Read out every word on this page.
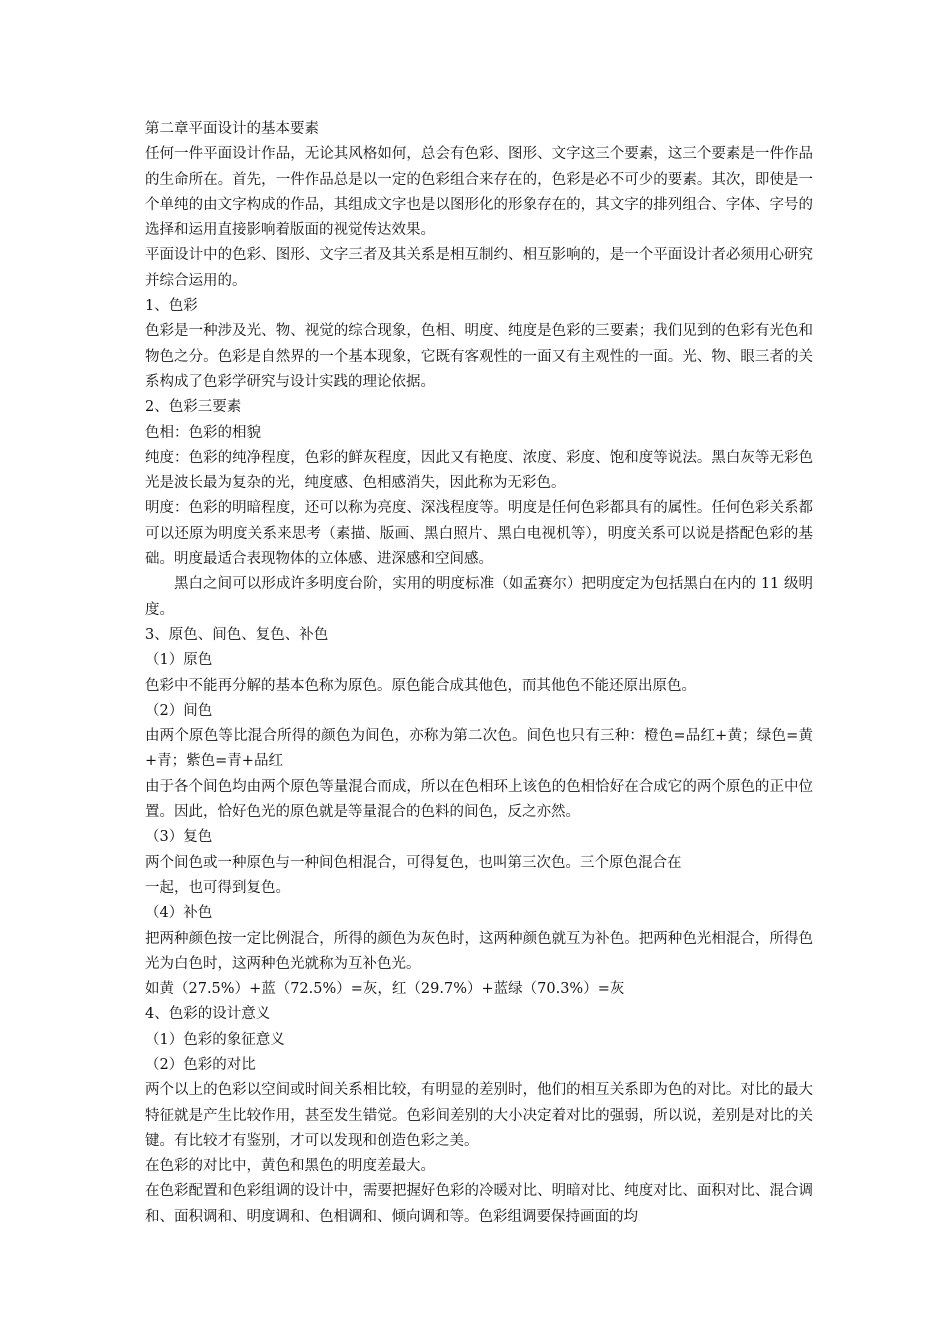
第二章平面设计的基本要素

任何一件平面设计作品，无论其风格如何，总会有色彩、图形、文字这三个要素，这三个要素是一件作品的生命所在。首先，一件作品总是以一定的色彩组合来存在的，色彩是必不可少的要素。其次，即使是一个单纯的由文字构成的作品，其组成文字也是以图形化的形象存在的，其文字的排列组合、字体、字号的选择和运用直接影响着版面的视觉传达效果。

平面设计中的色彩、图形、文字三者及其关系是相互制约、相互影响的，是一个平面设计者必须用心研究并综合运用的。

1、色彩

色彩是一种涉及光、物、视觉的综合现象，色相、明度、纯度是色彩的三要素；我们见到的色彩有光色和物色之分。色彩是自然界的一个基本现象，它既有客观性的一面又有主观性的一面。光、物、眼三者的关系构成了色彩学研究与设计实践的理论依据。

2、色彩三要素

色相：色彩的相貌

纯度：色彩的纯净程度，色彩的鲜灰程度，因此又有艳度、浓度、彩度、饱和度等说法。黑白灰等无彩色光是波长最为复杂的光，纯度感、色相感消失，因此称为无彩色。

明度：色彩的明暗程度，还可以称为亮度、深浅程度等。明度是任何色彩都具有的属性。任何色彩关系都可以还原为明度关系来思考（素描、版画、黑白照片、黑白电视机等），明度关系可以说是搭配色彩的基础。明度最适合表现物体的立体感、进深感和空间感。

黑白之间可以形成许多明度台阶，实用的明度标准（如孟赛尔）把明度定为包括黑白在内的 11 级明度。

3、原色、间色、复色、补色

（1）原色

色彩中不能再分解的基本色称为原色。原色能合成其他色，而其他色不能还原出原色。

（2）间色

由两个原色等比混合所得的颜色为间色，亦称为第二次色。间色也只有三种：橙色=品红+黄；绿色=黄+青；紫色=青+品红

由于各个间色均由两个原色等量混合而成，所以在色相环上该色的色相恰好在合成它的两个原色的正中位置。因此，恰好色光的原色就是等量混合的色料的间色，反之亦然。

（3）复色

两个间色或一种原色与一种间色相混合，可得复色，也叫第三次色。三个原色混合在

一起，也可得到复色。

（4）补色

把两种颜色按一定比例混合，所得的颜色为灰色时，这两种颜色就互为补色。把两种色光相混合，所得色光为白色时，这两种色光就称为互补色光。

如黄（27.5%）+蓝（72.5%）=灰，红（29.7%）+蓝绿（70.3%）=灰

4、色彩的设计意义

（1）色彩的象征意义

（2）色彩的对比

两个以上的色彩以空间或时间关系相比较，有明显的差别时，他们的相互关系即为色的对比。对比的最大特征就是产生比较作用，甚至发生错觉。色彩间差别的大小决定着对比的强弱，所以说，差别是对比的关键。有比较才有鉴别，才可以发现和创造色彩之美。

在色彩的对比中，黄色和黑色的明度差最大。

在色彩配置和色彩组调的设计中，需要把握好色彩的冷暖对比、明暗对比、纯度对比、面积对比、混合调和、面积调和、明度调和、色相调和、倾向调和等。色彩组调要保持画面的均
